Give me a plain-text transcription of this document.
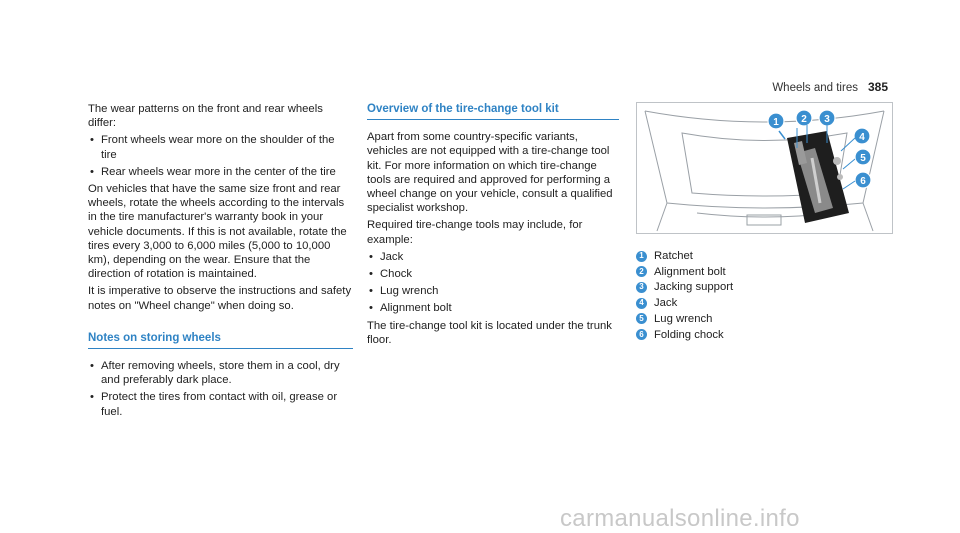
Wheels and tires 385

The wear patterns on the front and rear wheels differ:

• Front wheels wear more on the shoulder of the tire
• Rear wheels wear more in the center of the tire

On vehicles that have the same size front and rear wheels, rotate the wheels according to the intervals in the tire manufacturer's warranty book in your vehicle documents. If this is not available, rotate the tires every 3,000 to 6,000 miles (5,000 to 10,000 km), depending on the wear. Ensure that the direction of rotation is maintained.

It is imperative to observe the instructions and safety notes on "Wheel change" when doing so.

Notes on storing wheels
• After removing wheels, store them in a cool, dry and preferably dark place.
• Protect the tires from contact with oil, grease or fuel.
Overview of the tire-change tool kit

Apart from some country-specific variants, vehicles are not equipped with a tire-change tool kit. For more information on which tire-change tools are required and approved for performing a wheel change on your vehicle, consult a qualified specialist workshop.

Required tire-change tools may include, for example:

• Jack
• Chock
• Lug wrench
• Alignment bolt

The tire-change tool kit is located under the trunk floor.

1 2 3
4
5
6
1 Ratchet
2 Alignment bolt
3 Jacking support
4 Jack
5 Lug wrench
6 Folding chock
carmanualsonline.info
